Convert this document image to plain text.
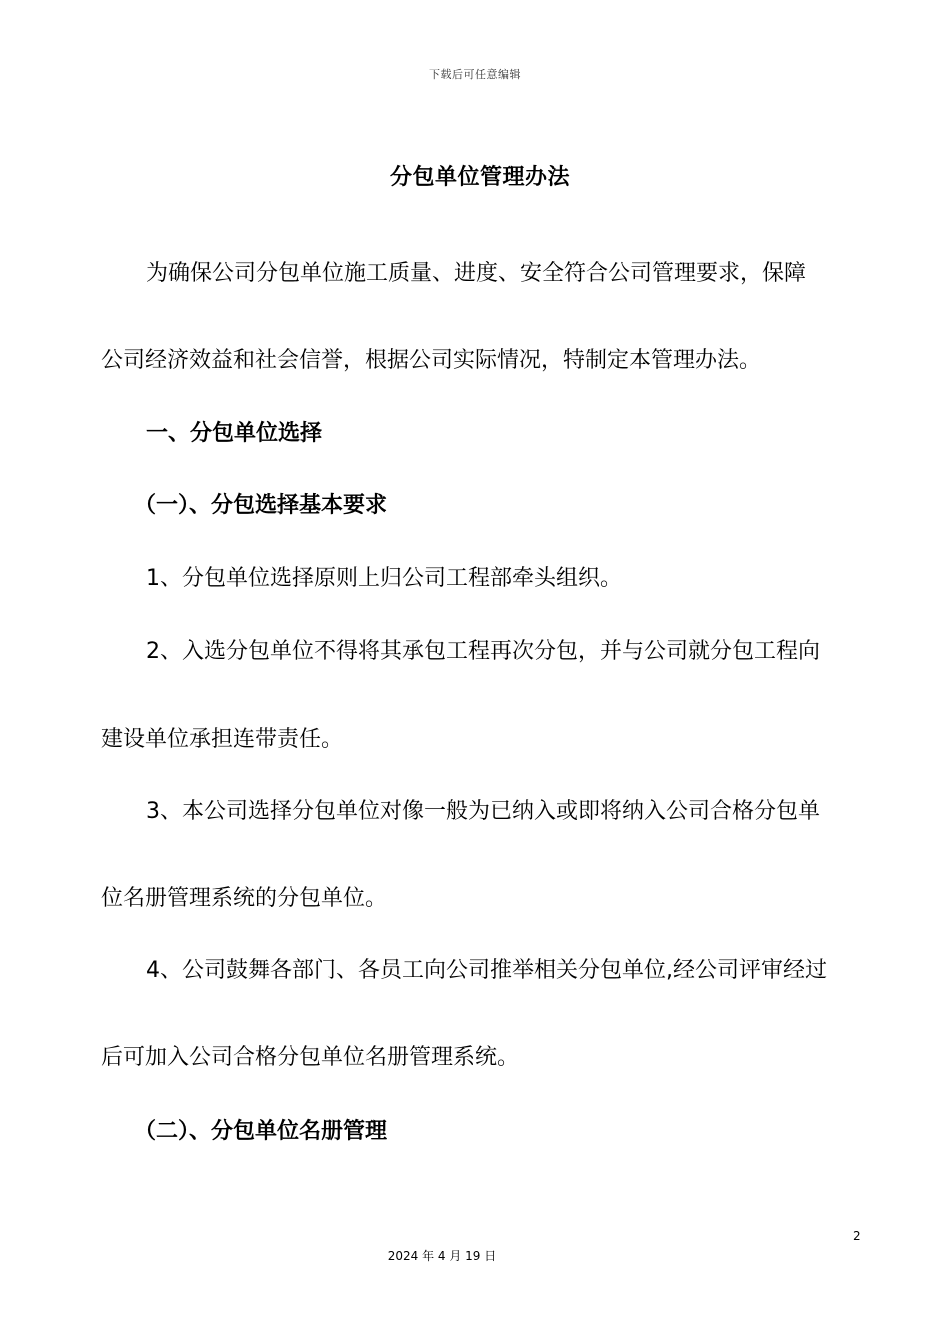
下载后可任意编辑
分包单位管理办法
为确保公司分包单位施工质量、进度、安全符合公司管理要求，保障
公司经济效益和社会信誉，根据公司实际情况，特制定本管理办法。
一、分包单位选择
（一）、分包选择基本要求
1、分包单位选择原则上归公司工程部牵头组织。
2、入选分包单位不得将其承包工程再次分包，并与公司就分包工程向
建设单位承担连带责任。
3、本公司选择分包单位对像一般为已纳入或即将纳入公司合格分包单
位名册管理系统的分包单位。
4、公司鼓舞各部门、各员工向公司推举相关分包单位,经公司评审经过
后可加入公司合格分包单位名册管理系统。
（二）、分包单位名册管理
2
2024 年 4 月 19 日
